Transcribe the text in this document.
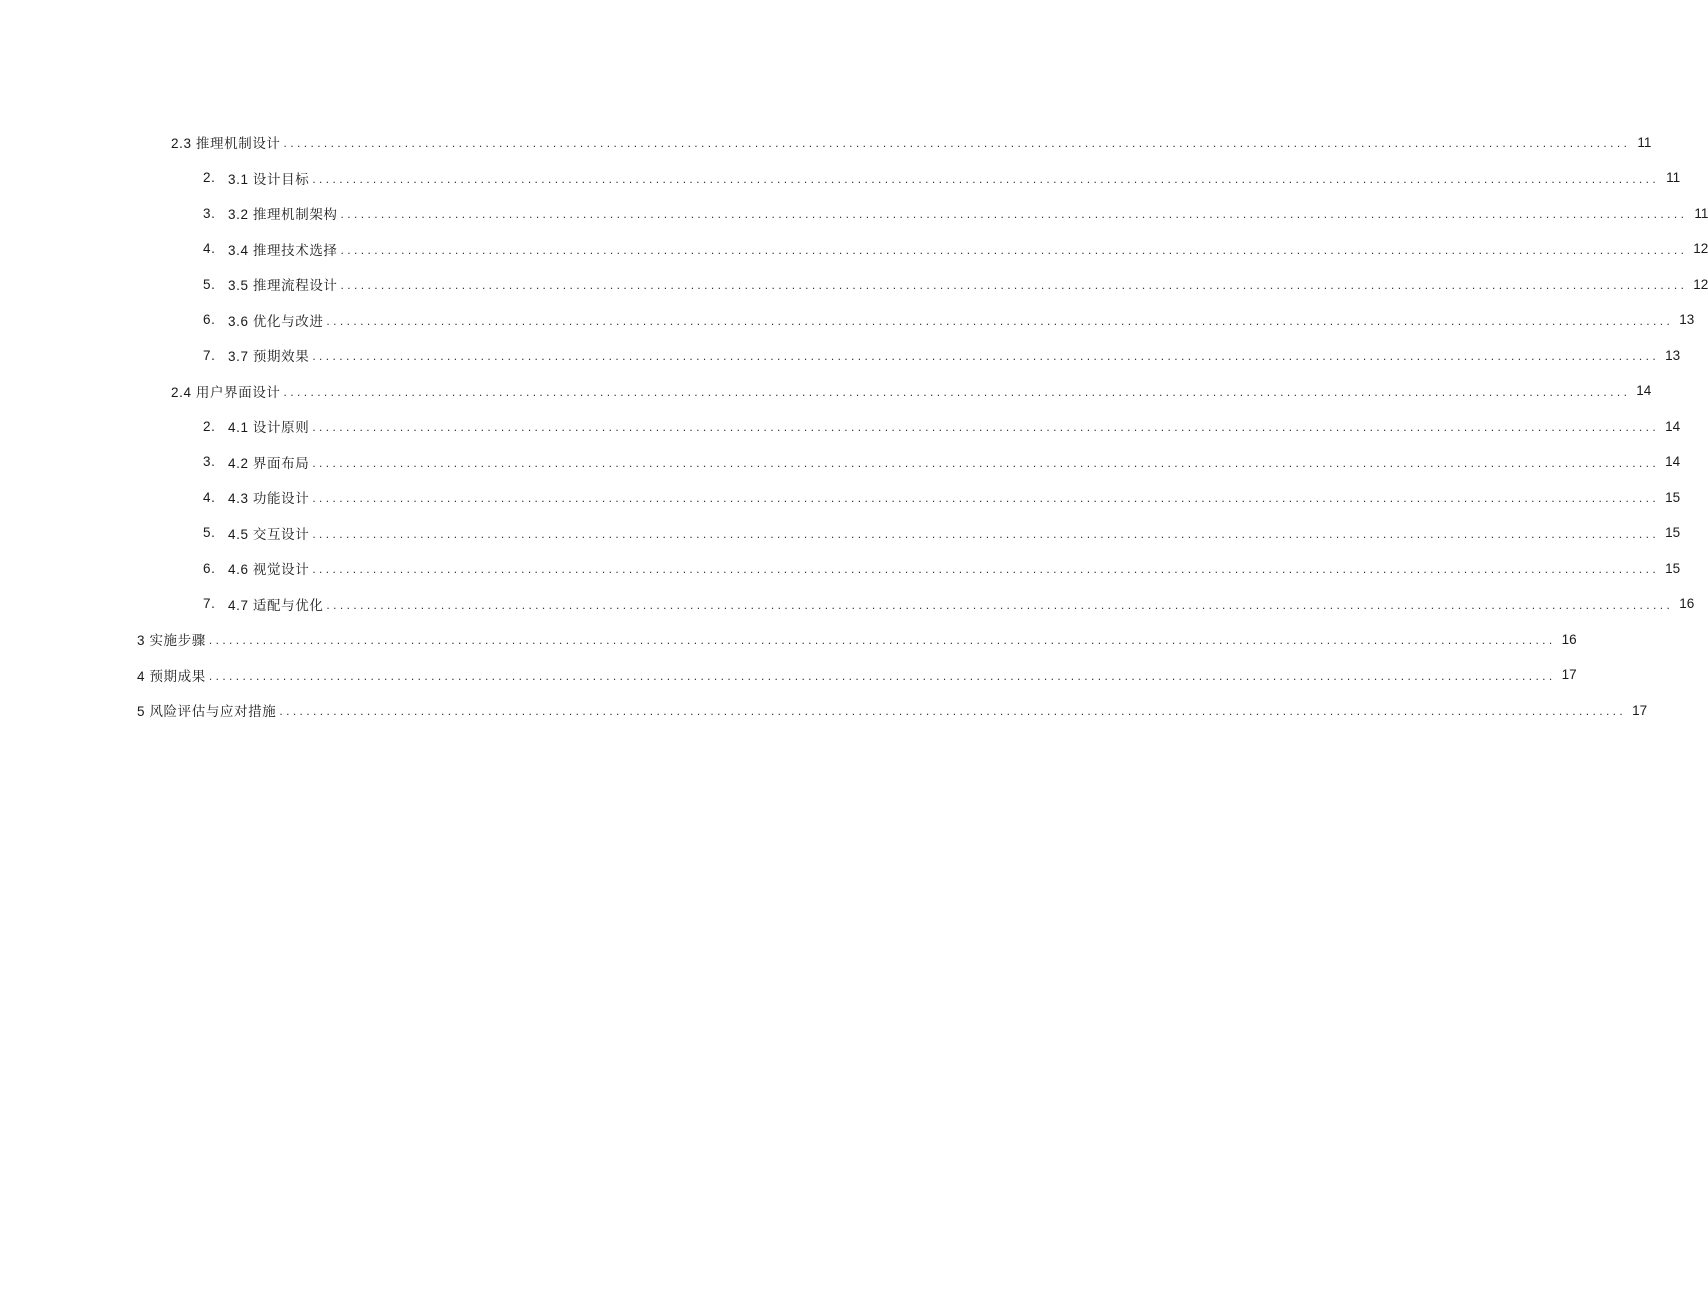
2.3 推理机制设计 ........................................................................................................................................................................................................ 11
2. 3.1 设计目标 ........................................................................................................................................................................................................ 11
3. 3.2 推理机制架构 ........................................................................................................................................................................................................ 11
4. 3.4 推理技术选择 ........................................................................................................................................................................................................ 12
5. 3.5 推理流程设计 ........................................................................................................................................................................................................ 12
6. 3.6 优化与改进 ........................................................................................................................................................................................................ 13
7. 3.7 预期效果 ........................................................................................................................................................................................................ 13
2.4 用户界面设计 ........................................................................................................................................................................................................ 14
2. 4.1 设计原则 ........................................................................................................................................................................................................ 14
3. 4.2 界面布局 ........................................................................................................................................................................................................ 14
4. 4.3 功能设计 ........................................................................................................................................................................................................ 15
5. 4.5 交互设计 ........................................................................................................................................................................................................ 15
6. 4.6 视觉设计 ........................................................................................................................................................................................................ 15
7. 4.7 适配与优化 ........................................................................................................................................................................................................ 16
3 实施步骤 ........................................................................................................................................................................................................ 16
4 预期成果 ........................................................................................................................................................................................................ 17
5 风险评估与应对措施 ........................................................................................................................................................................................................ 17
